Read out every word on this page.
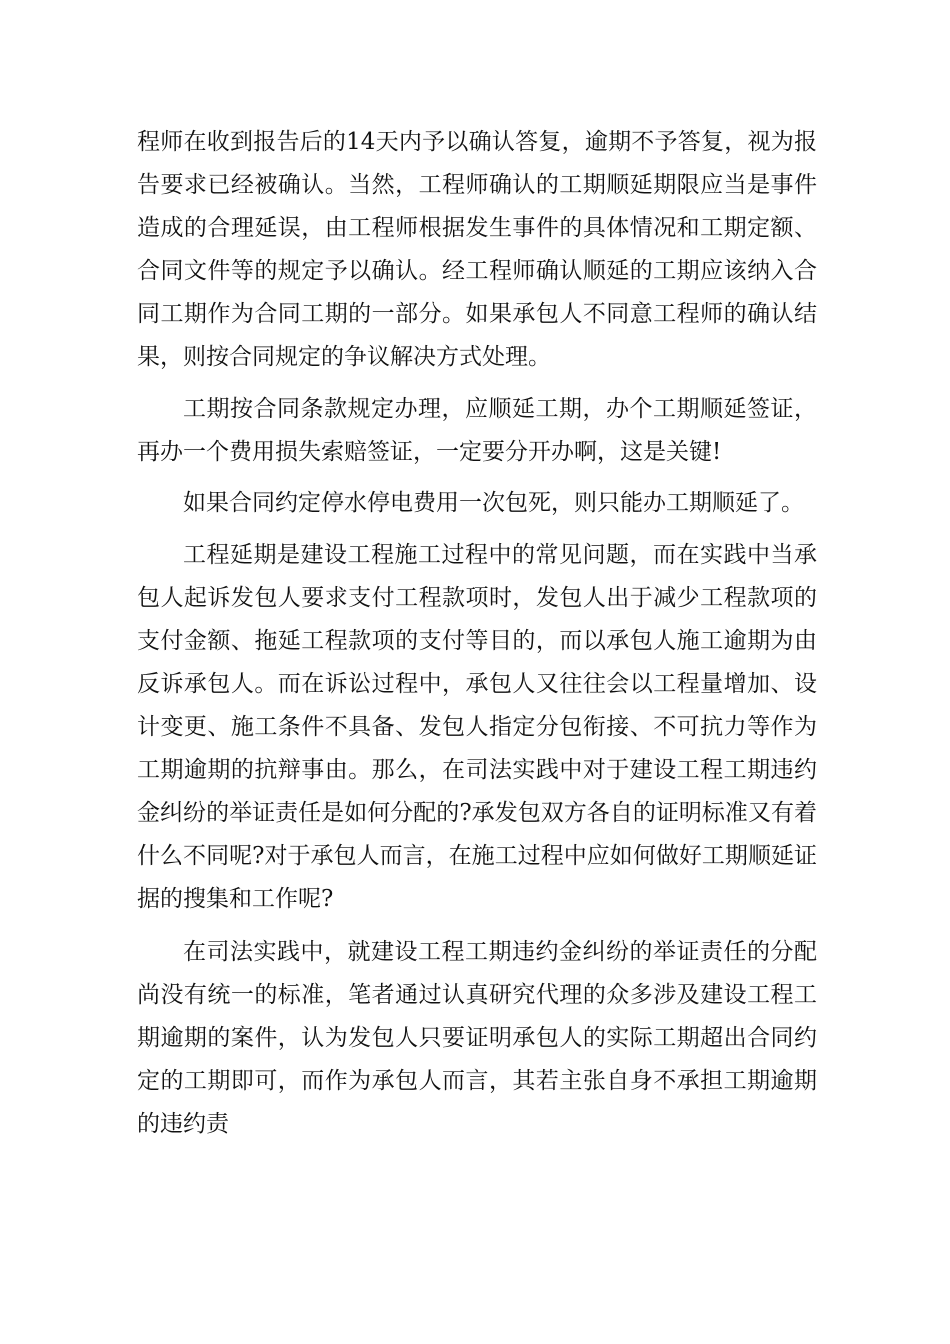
程师在收到报告后的14天内予以确认答复，逾期不予答复，视为报告要求已经被确认。当然，工程师确认的工期顺延期限应当是事件造成的合理延误，由工程师根据发生事件的具体情况和工期定额、合同文件等的规定予以确认。经工程师确认顺延的工期应该纳入合同工期作为合同工期的一部分。如果承包人不同意工程师的确认结果，则按合同规定的争议解决方式处理。

工期按合同条款规定办理，应顺延工期，办个工期顺延签证，再办一个费用损失索赔签证，一定要分开办啊，这是关键!

如果合同约定停水停电费用一次包死，则只能办工期顺延了。

工程延期是建设工程施工过程中的常见问题，而在实践中当承包人起诉发包人要求支付工程款项时，发包人出于减少工程款项的支付金额、拖延工程款项的支付等目的，而以承包人施工逾期为由反诉承包人。而在诉讼过程中，承包人又往往会以工程量增加、设计变更、施工条件不具备、发包人指定分包衔接、不可抗力等作为工期逾期的抗辩事由。那么，在司法实践中对于建设工程工期违约金纠纷的举证责任是如何分配的?承发包双方各自的证明标准又有着什么不同呢?对于承包人而言，在施工过程中应如何做好工期顺延证据的搜集和工作呢?

在司法实践中，就建设工程工期违约金纠纷的举证责任的分配尚没有统一的标准，笔者通过认真研究代理的众多涉及建设工程工期逾期的案件，认为发包人只要证明承包人的实际工期超出合同约定的工期即可，而作为承包人而言，其若主张自身不承担工期逾期的违约责
